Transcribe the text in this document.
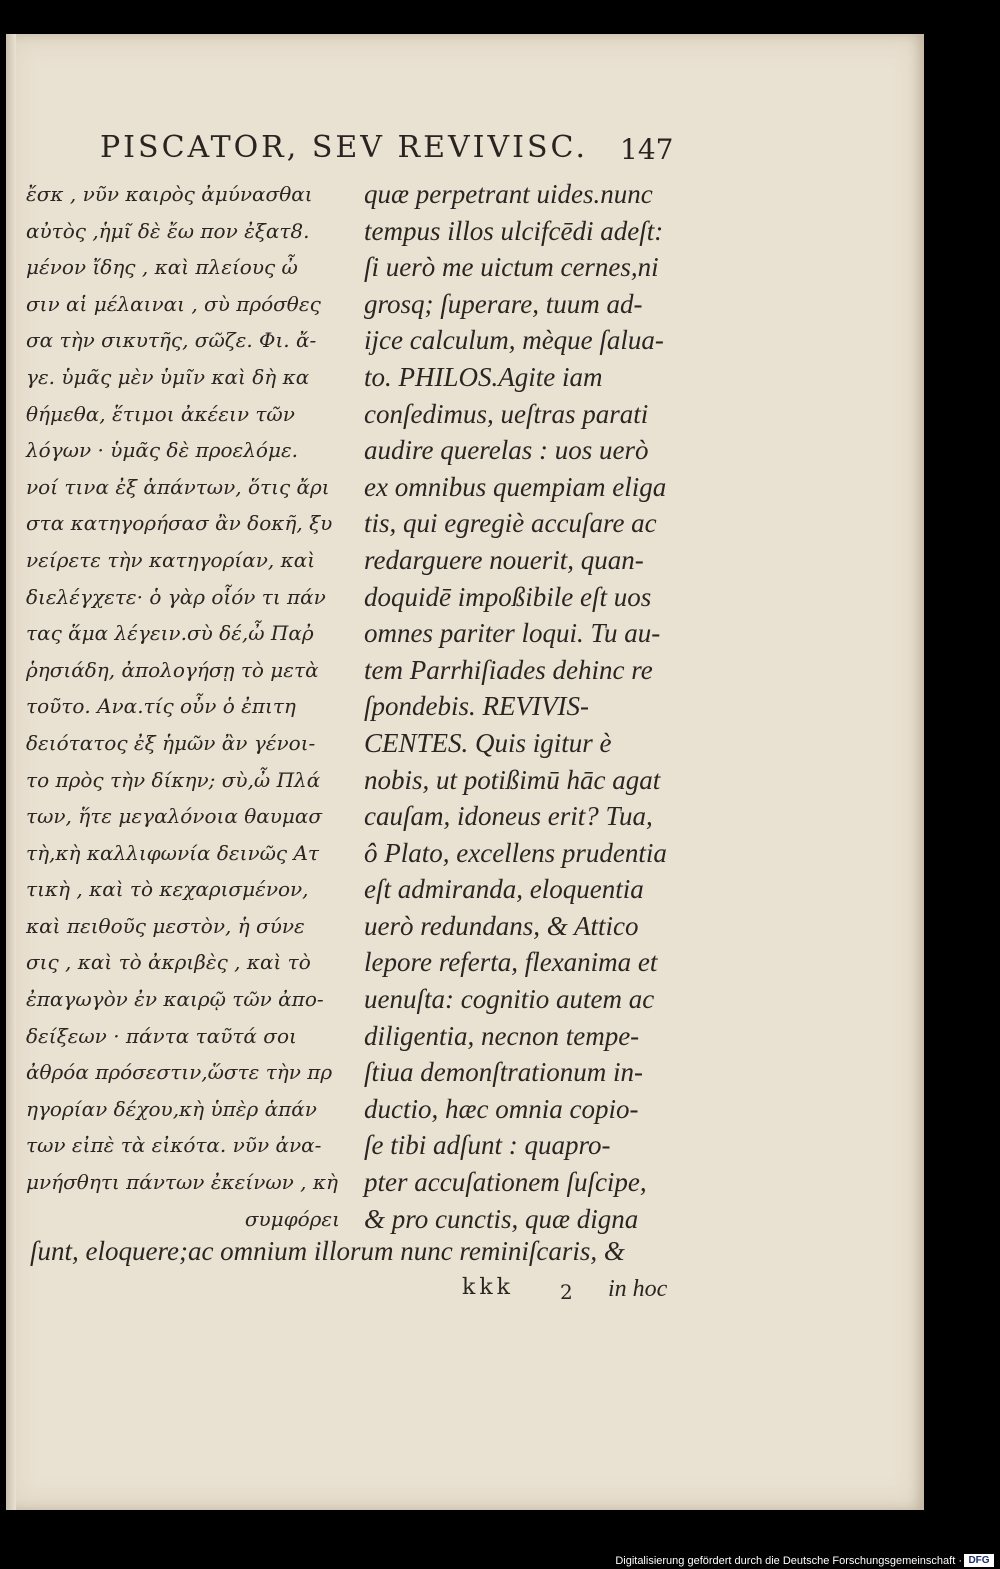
PISCATOR, SEV REVIVISC.	147
ἔσκ , νῦν καιρὸς ἀμύνασθαι
αὐτὸς ,ἡμῖ δὲ ἔω πον ἐξατ8.
μένον ἴδης , καὶ πλείους ὦ
σιν αἱ μέλαιναι , σὺ πρόσθες
σα τὴν σικυτῆς, σῶζε. Φι. ἄ-
γε. ὑμᾶς μὲν ὑμῖν καὶ δὴ κα
θήμεθα, ἕτιμοι ἀκέειν τῶν
λόγων · ὑμᾶς δὲ προελόμε.
νοί τινα ἐξ ἁπάντων, ὅτις ἄρι
στα κατηγορήσασ ἂν δοκῆ, ξυ
νείρετε τὴν κατηγορίαν, καὶ
διελέγχετε· ὁ γὰρ οἷόν τι πάν
τας ἅμα λέγειν.σὺ δέ,ὦ Παῤ
ῥησιάδη, ἀπολογήσῃ τὸ μετὰ
τοῦτο. Ανα.τίς οὖν ὁ ἐπιτη
δειότατος ἐξ ἡμῶν ἂν γένοι-
το πρὸς τὴν δίκην; σὺ,ὦ Πλά
των, ἥτε μεγαλόνοια θαυμασ
τὴ,κὴ καλλιφωνία δεινῶς Ατ
τικὴ , καὶ τὸ κεχαρισμένον,
καὶ πειθοῦς μεστὸν, ἡ σύνε
σις , καὶ τὸ ἀκριβὲς , καὶ τὸ
ἐπαγωγὸν ἐν καιρῷ τῶν ἀπο-
δείξεων · πάντα ταῦτά σοι
ἀθρόα πρόσεστιν,ὥστε τὴν πρ
ηγορίαν δέχου,κὴ ὑπὲρ ἁπάν
των εἰπὲ τὰ εἰκότα. νῦν ἀνα-
μνήσθητι πάντων ἐκείνων , κὴ
συμφόρει
quæ perpetrant uides.nunc
tempus illos ulcifcēdi adeſt:
ſi uerò me uictum cernes,ni
grosq; ſuperare, tuum ad-
ijce calculum, mèque ſalua-
to. PHILOS.Agite iam
conſedimus, ueſtras parati
audire querelas : uos uerò
ex omnibus quempiam eliga
tis, qui egregiè accuſare ac
redarguere nouerit, quan-
doquidē impoßibile eſt uos
omnes pariter loqui. Tu au-
tem Parrhiſiades dehinc re
ſpondebis. REVIVIS-
CENTES. Quis igitur è
nobis, ut potißimū hāc agat
cauſam, idoneus erit? Tua,
ô Plato, excellens prudentia
eſt admiranda, eloquentia
uerò redundans, & Attico
lepore referta, flexanima et
uenuſta: cognitio autem ac
diligentia, necnon tempe-
ſtiua demonſtrationum in-
ductio, hæc omnia copio-
ſe tibi adſunt : quapro-
pter accuſationem ſuſcipe,
& pro cunctis, quæ digna
ſunt, eloquere;ac omnium illorum nunc reminiſcaris, &
kkk 2 in hoc
Digitalisierung gefördert durch die Deutsche Forschungsgemeinschaft · DFG
